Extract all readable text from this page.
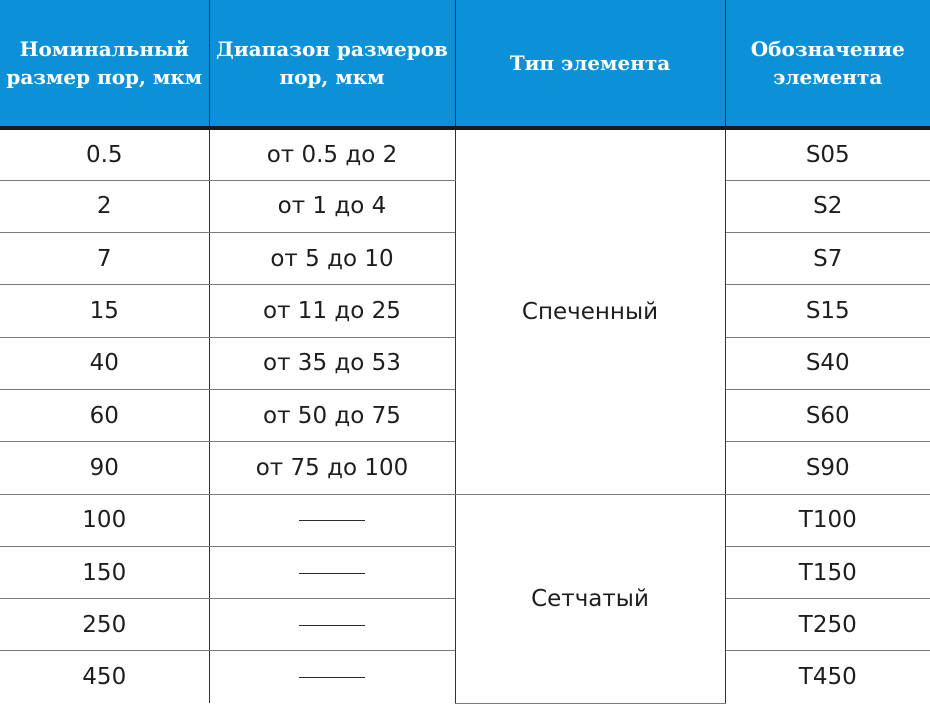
Номинальный размер пор, мкм	Диапазон размеров пор, мкм	Тип элемента	Обозначение элемента
0.5	от 0.5 до 2	Спеченный	S05
2	от 1 до 4		S2
7	от 5 до 10		S7
15	от 11 до 25		S15
40	от 35 до 53		S40
60	от 50 до 75		S60
90	от 75 до 100		S90
100		Сетчатый	T100
150			T150
250			T250
450			T450
